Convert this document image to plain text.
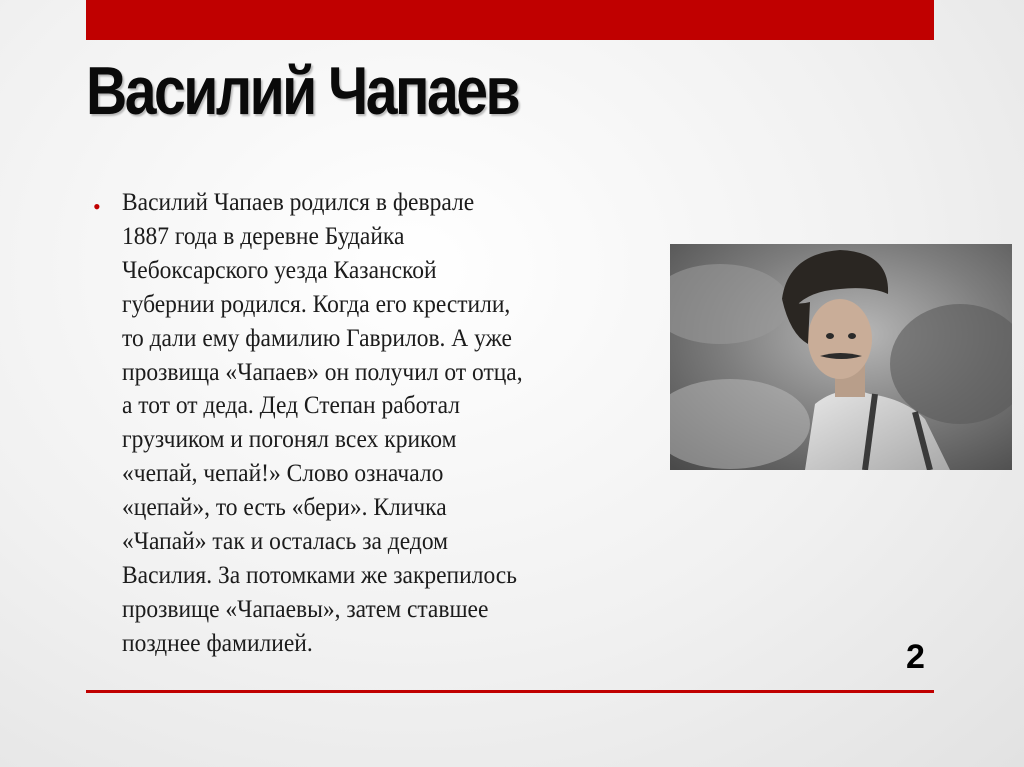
Василий Чапаев
• Василий Чапаев родился в феврале
1887 года в деревне Будайка
Чебоксарского уезда Казанской
губернии родился. Когда его крестили,
то дали ему фамилию Гаврилов. А уже
прозвища «Чапаев» он получил от отца,
а тот от деда. Дед Степан работал
грузчиком и погонял всех криком
«чепай, чепай!» Слово означало
«цепай», то есть «бери». Кличка
«Чапай» так и осталась за дедом
Василия. За потомками же закрепилось
прозвище «Чапаевы», затем ставшее
позднее фамилией.	2
